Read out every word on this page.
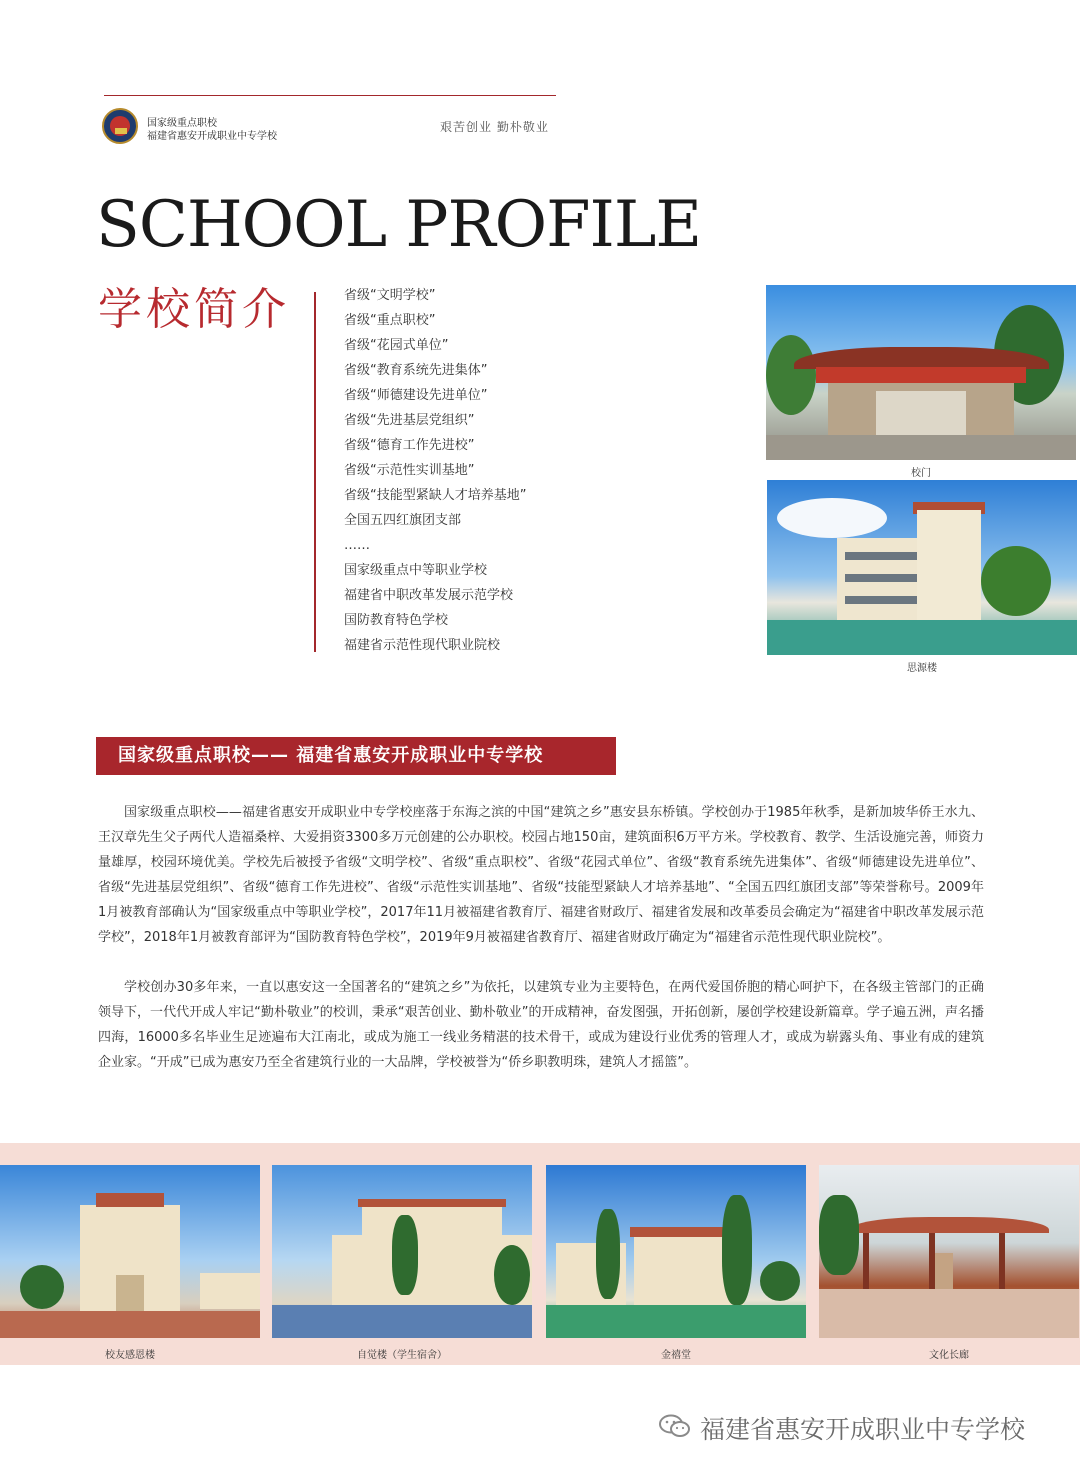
国家级重点职校
福建省惠安开成职业中专学校
艰苦创业 勤朴敬业
SCHOOL PROFILE
学校简介	省级“文明学校”
省级“重点职校”
省级“花园式单位”
省级“教育系统先进集体”
省级“师德建设先进单位”
省级“先进基层党组织”
省级“德育工作先进校”
省级“示范性实训基地”
省级“技能型紧缺人才培养基地”
全国五四红旗团支部
……
国家级重点中等职业学校
福建省中职改革发展示范学校
国防教育特色学校
福建省示范性现代职业院校
校门
思源楼
国家级重点职校—— 福建省惠安开成职业中专学校

国家级重点职校——福建省惠安开成职业中专学校座落于东海之滨的中国“建筑之乡”惠安县东桥镇。学校创办于1985年秋季，是新加坡华侨王水九、王汉章先生父子两代人造福桑梓、大爱捐资3300多万元创建的公办职校。校园占地150亩，建筑面积6万平方米。学校教育、教学、生活设施完善，师资力量雄厚，校园环境优美。学校先后被授予省级“文明学校”、省级“重点职校”、省级“花园式单位”、省级“教育系统先进集体”、省级“师德建设先进单位”、省级“先进基层党组织”、省级“德育工作先进校”、省级“示范性实训基地”、省级“技能型紧缺人才培养基地”、“全国五四红旗团支部”等荣誉称号。2009年1月被教育部确认为“国家级重点中等职业学校”，2017年11月被福建省教育厅、福建省财政厅、福建省发展和改革委员会确定为“福建省中职改革发展示范学校”，2018年1月被教育部评为“国防教育特色学校”，2019年9月被福建省教育厅、福建省财政厅确定为“福建省示范性现代职业院校”。

学校创办30多年来，一直以惠安这一全国著名的“建筑之乡”为依托，以建筑专业为主要特色，在两代爱国侨胞的精心呵护下，在各级主管部门的正确领导下，一代代开成人牢记“勤朴敬业”的校训，秉承“艰苦创业、勤朴敬业”的开成精神，奋发图强，开拓创新，屡创学校建设新篇章。学子遍五洲，声名播四海，16000多名毕业生足迹遍布大江南北，或成为施工一线业务精湛的技术骨干，或成为建设行业优秀的管理人才，或成为崭露头角、事业有成的建筑企业家。“开成”已成为惠安乃至全省建筑行业的一大品牌，学校被誉为“侨乡职教明珠，建筑人才摇篮”。

校友感恩楼	自觉楼（学生宿舍）	金禧堂	文化长廊
福建省惠安开成职业中专学校
